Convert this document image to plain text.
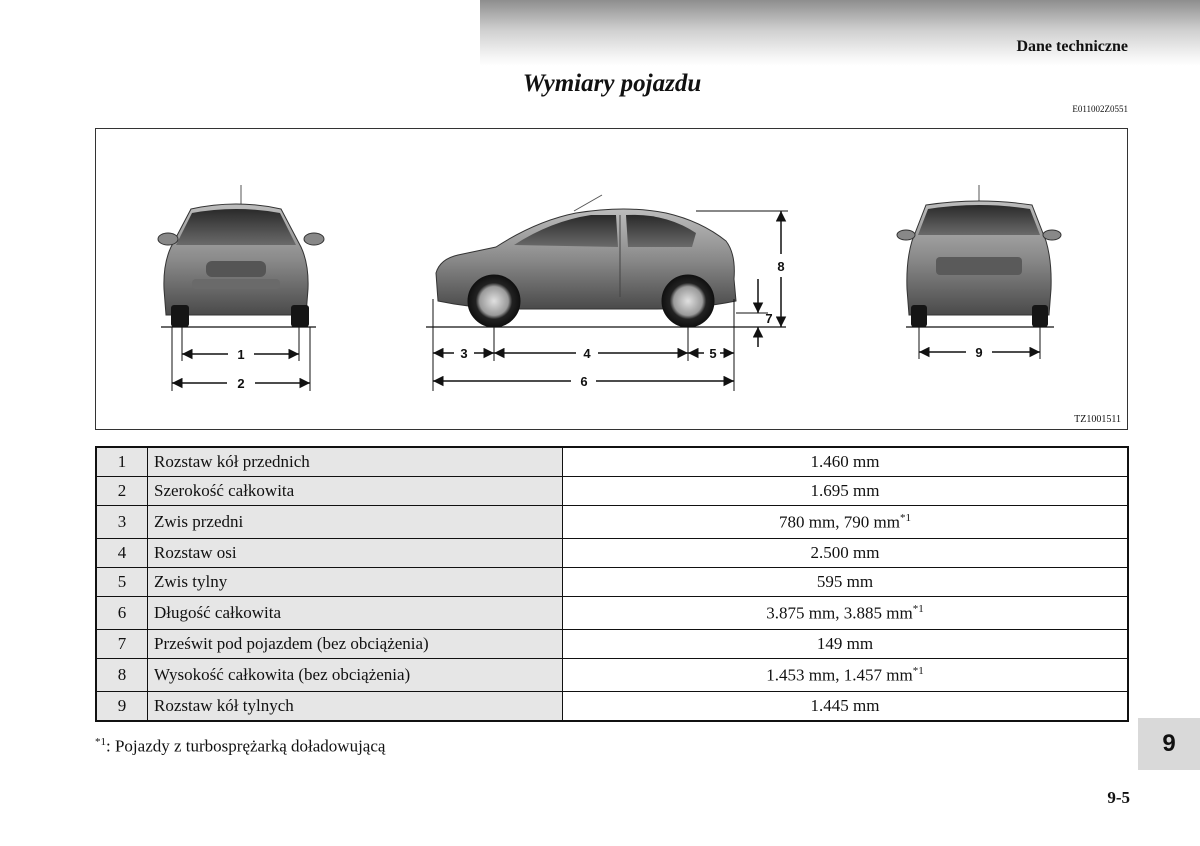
Dane techniczne
Wymiary pojazdu
E011002Z0551
1
2
3	4	5
6
8
7
9
TZ1001511
1	Rozstaw kół przednich	1.460 mm
2	Szerokość całkowita	1.695 mm
3	Zwis przedni	780 mm, 790 $mm^{*1}$
4	Rozstaw osi	2.500 mm
5	Zwis tylny	595 mm
6	Długość całkowita	3.875 mm, 3.885 $mm^{*1}$
7	Prześwit pod pojazdem (bez obciążenia)	149 mm
8	Wysokość całkowita (bez obciążenia)	1.453 mm, 1.457 $mm^{*1}$
9	Rozstaw kół tylnych	1.445 mm
$^{*1}$: Pojazdy z turbosprężarką doładowującą	9
9-5
